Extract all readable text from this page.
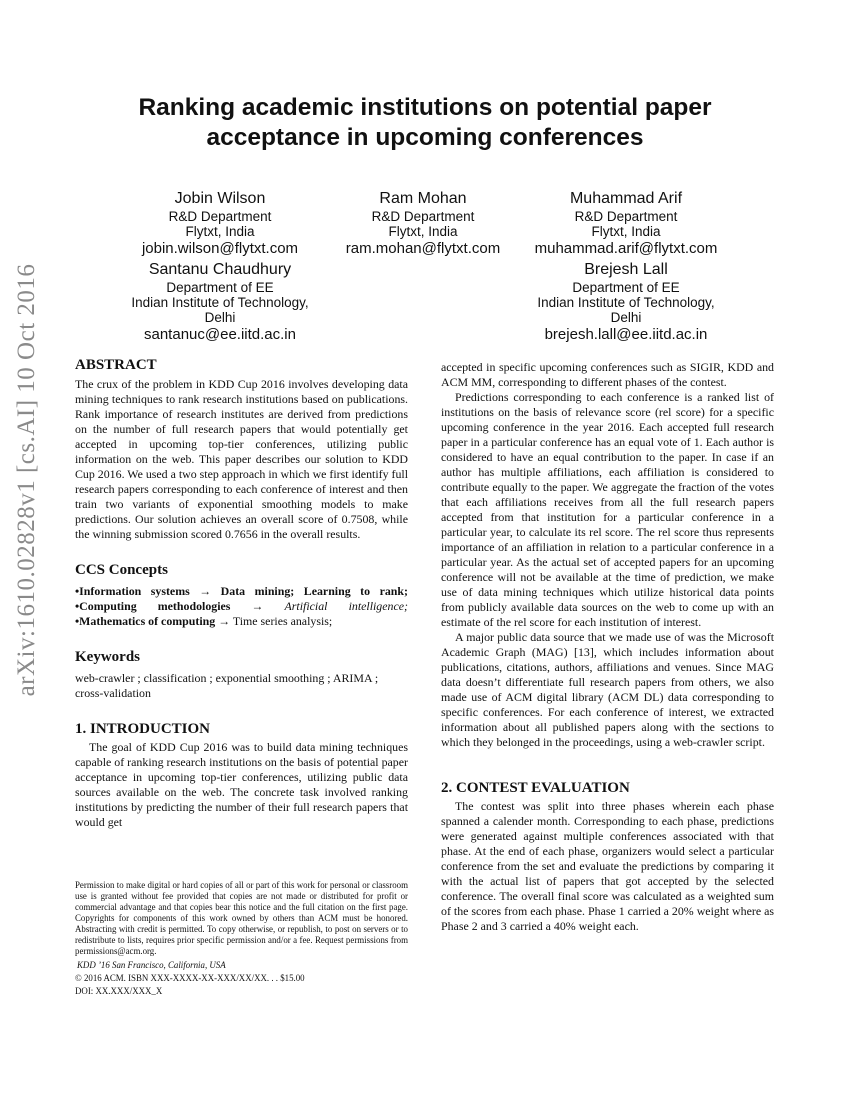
arXiv:1610.02828v1 [cs.AI] 10 Oct 2016
Ranking academic institutions on potential paper acceptance in upcoming conferences
Jobin Wilson
R&D Department
Flytxt, India
jobin.wilson@flytxt.com
Ram Mohan
R&D Department
Flytxt, India
ram.mohan@flytxt.com
Muhammad Arif
R&D Department
Flytxt, India
muhammad.arif@flytxt.com
Santanu Chaudhury
Department of EE
Indian Institute of Technology,
Delhi
santanuc@ee.iitd.ac.in
Brejesh Lall
Department of EE
Indian Institute of Technology,
Delhi
brejesh.lall@ee.iitd.ac.in
ABSTRACT

The crux of the problem in KDD Cup 2016 involves developing data mining techniques to rank research institutions based on publications. Rank importance of research institutes are derived from predictions on the number of full research papers that would potentially get accepted in upcoming top-tier conferences, utilizing public information on the web. This paper describes our solution to KDD Cup 2016. We used a two step approach in which we first identify full research papers corresponding to each conference of interest and then train two variants of exponential smoothing models to make predictions. Our solution achieves an overall score of 0.7508, while the winning submission scored 0.7656 in the overall results.

CCS Concepts

•Information systems → Data mining; Learning to rank; •Computing methodologies → Artificial intelligence; •Mathematics of computing → Time series analysis;

Keywords

web-crawler ; classification ; exponential smoothing ; ARIMA ; cross-validation

1. INTRODUCTION

The goal of KDD Cup 2016 was to build data mining techniques capable of ranking research institutions on the basis of potential paper acceptance in upcoming top-tier conferences, utilizing public data sources available on the web. The concrete task involved ranking institutions by predicting the number of their full research papers that would get

Permission to make digital or hard copies of all or part of this work for personal or classroom use is granted without fee provided that copies are not made or distributed for profit or commercial advantage and that copies bear this notice and the full citation on the first page. Copyrights for components of this work owned by others than ACM must be honored. Abstracting with credit is permitted. To copy otherwise, or republish, to post on servers or to redistribute to lists, requires prior specific permission and/or a fee. Request permissions from permissions@acm.org.

KDD ’16 San Francisco, California, USA

© 2016 ACM. ISBN XXX-XXXX-XX-XXX/XX/XX. . . $15.00

DOI: XX.XXX/XXX_X

accepted in specific upcoming conferences such as SIGIR, KDD and ACM MM, corresponding to different phases of the contest.

Predictions corresponding to each conference is a ranked list of institutions on the basis of relevance score (rel score) for a specific upcoming conference in the year 2016. Each accepted full research paper in a particular conference has an equal vote of 1. Each author is considered to have an equal contribution to the paper. In case if an author has multiple affiliations, each affiliation is considered to contribute equally to the paper. We aggregate the fraction of the votes that each affiliations receives from all the full research papers accepted from that institution for a particular conference in a particular year, to calculate its rel score. The rel score thus represents importance of an affiliation in relation to a particular conference in a particular year. As the actual set of accepted papers for an upcoming conference will not be available at the time of prediction, we make use of data mining techniques which utilize historical data points from publicly available data sources on the web to come up with an estimate of the rel score for each institution of interest.

A major public data source that we made use of was the Microsoft Academic Graph (MAG) [13], which includes information about publications, citations, authors, affiliations and venues. Since MAG data doesn’t differentiate full research papers from others, we also made use of ACM digital library (ACM DL) data corresponding to specific conferences. For each conference of interest, we extracted information about all published papers along with the sections to which they belonged in the proceedings, using a web-crawler script.

2. CONTEST EVALUATION

The contest was split into three phases wherein each phase spanned a calender month. Corresponding to each phase, predictions were generated against multiple conferences associated with that phase. At the end of each phase, organizers would select a particular conference from the set and evaluate the predictions by comparing it with the actual list of papers that got accepted by the selected conference. The overall final score was calculated as a weighted sum of the scores from each phase. Phase 1 carried a 20% weight where as Phase 2 and 3 carried a 40% weight each.
